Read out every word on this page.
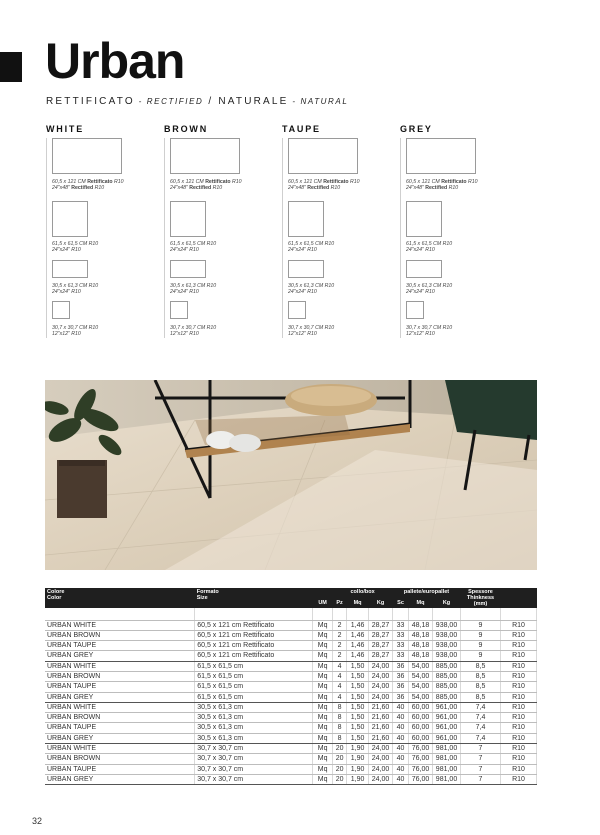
Urban
RETTIFICATO - RECTIFIED / NATURALE - NATURAL
WHITE
60,5 x 121 CM Rettificato R10
24"x48" Rectified R10
61,5 x 61,5 CM R10
24"x24" R10
30,5 x 61,3 CM R10
24"x24" R10
30,7 x 30,7 CM R10
12"x12" R10
BROWN
60,5 x 121 CM Rettificato R10
24"x48" Rectified R10
61,5 x 61,5 CM R10
24"x24" R10
30,5 x 61,3 CM R10
24"x24" R10
30,7 x 30,7 CM R10
12"x12" R10
TAUPE
60,5 x 121 CM Rettificato R10
24"x48" Rectified R10
61,5 x 61,5 CM R10
24"x24" R10
30,5 x 61,3 CM R10
24"x24" R10
30,7 x 30,7 CM R10
12"x12" R10
GREY
60,5 x 121 CM Rettificato R10
24"x48" Rectified R10
61,5 x 61,5 CM R10
24"x24" R10
30,5 x 61,3 CM R10
24"x24" R10
30,7 x 30,7 CM R10
12"x12" R10
Colore
Color	Formato
Size		collo/box			pallete/europallet			Spessore
Thinkness
(mm)	
		UM	Pz	Mq	Kg	Sc	Mq	Kg		

URBAN WHITE	60,5 x 121 cm Rettificato	Mq	2	1,46	28,27	33	48,18	938,00	9	R10
URBAN BROWN	60,5 x 121 cm Rettificato	Mq	2	1,46	28,27	33	48,18	938,00	9	R10
URBAN TAUPE	60,5 x 121 cm Rettificato	Mq	2	1,46	28,27	33	48,18	938,00	9	R10
URBAN GREY	60,5 x 121 cm Rettificato	Mq	2	1,46	28,27	33	48,18	938,00	9	R10
URBAN WHITE	61,5 x 61,5 cm	Mq	4	1,50	24,00	36	54,00	885,00	8,5	R10
URBAN BROWN	61,5 x 61,5 cm	Mq	4	1,50	24,00	36	54,00	885,00	8,5	R10
URBAN TAUPE	61,5 x 61,5 cm	Mq	4	1,50	24,00	36	54,00	885,00	8,5	R10
URBAN GREY	61,5 x 61,5 cm	Mq	4	1,50	24,00	36	54,00	885,00	8,5	R10
URBAN WHITE	30,5 x 61,3 cm	Mq	8	1,50	21,60	40	60,00	961,00	7,4	R10
URBAN BROWN	30,5 x 61,3 cm	Mq	8	1,50	21,60	40	60,00	961,00	7,4	R10
URBAN TAUPE	30,5 x 61,3 cm	Mq	8	1,50	21,60	40	60,00	961,00	7,4	R10
URBAN GREY	30,5 x 61,3 cm	Mq	8	1,50	21,60	40	60,00	961,00	7,4	R10
URBAN WHITE	30,7 x 30,7 cm	Mq	20	1,90	24,00	40	76,00	981,00	7	R10
URBAN BROWN	30,7 x 30,7 cm	Mq	20	1,90	24,00	40	76,00	981,00	7	R10
URBAN TAUPE	30,7 x 30,7 cm	Mq	20	1,90	24,00	40	76,00	981,00	7	R10
URBAN GREY	30,7 x 30,7 cm	Mq	20	1,90	24,00	40	76,00	981,00	7	R10
32
